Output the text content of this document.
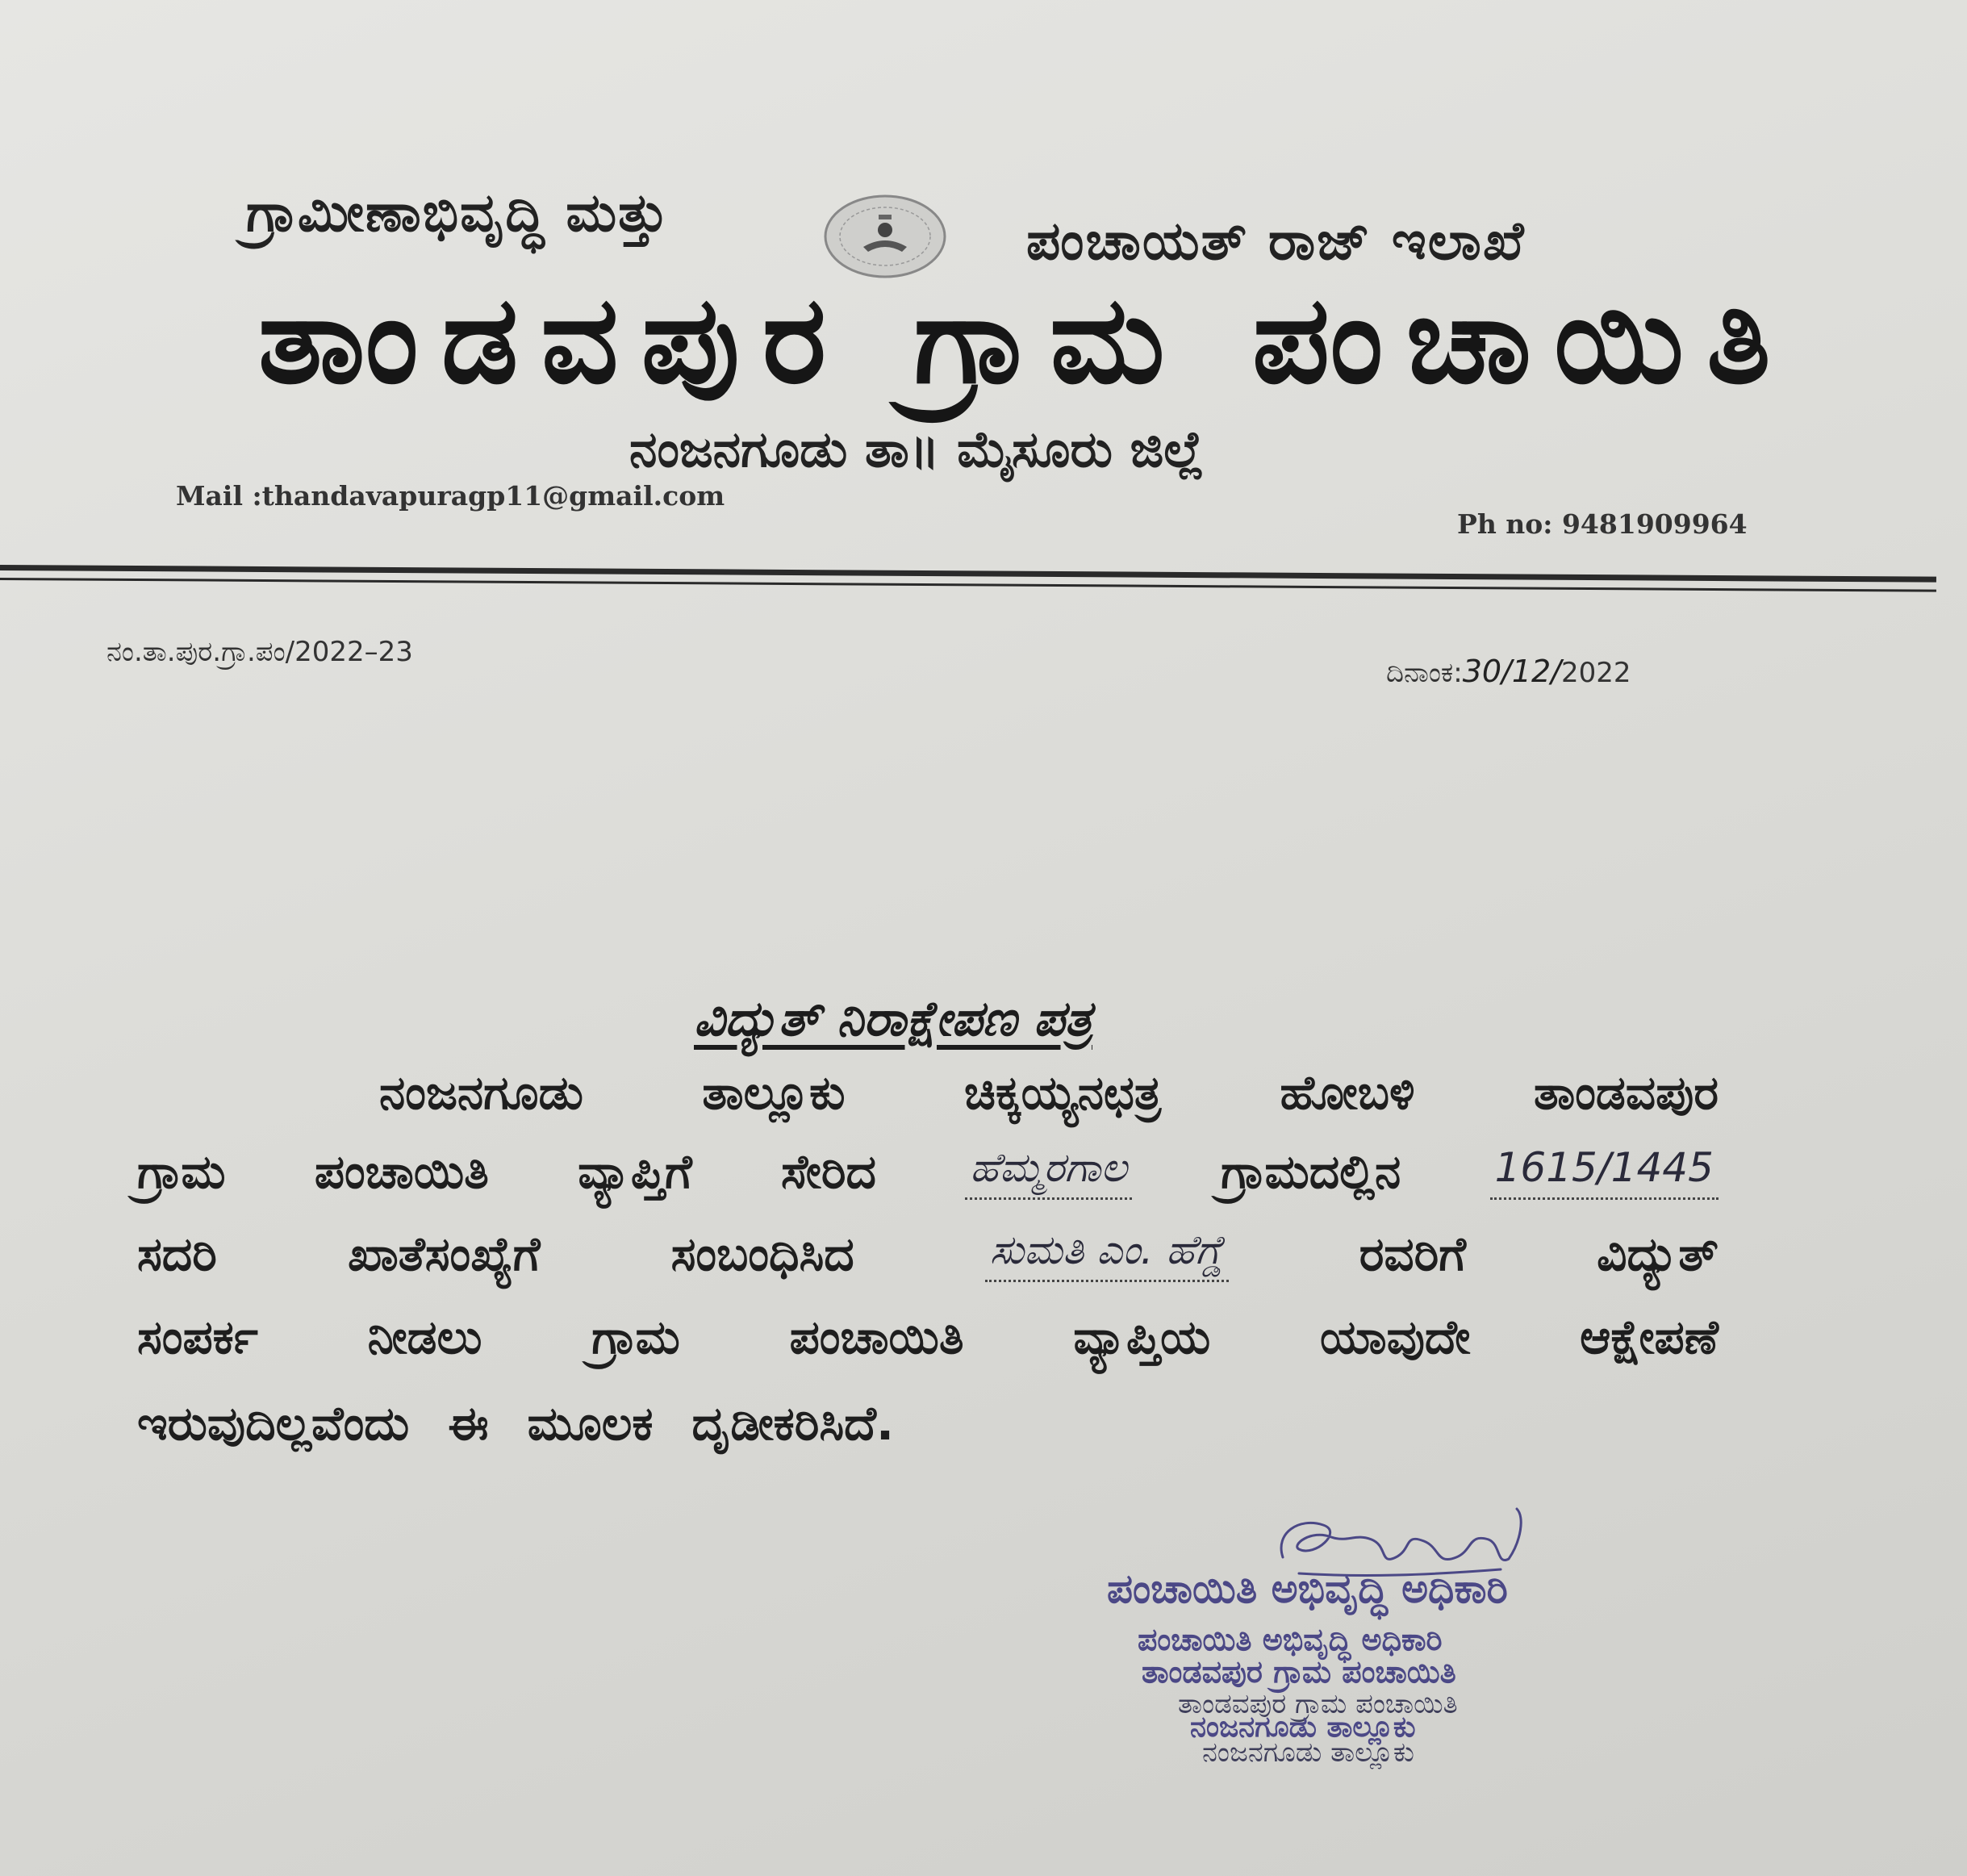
ಗ್ರಾಮೀಣಾಭಿವೃದ್ಧಿ ಮತ್ತು	ಪಂಚಾಯತ್ ರಾಜ್ ಇಲಾಖೆ
ತಾಂಡವಪುರ ಗ್ರಾಮ ಪಂಚಾಯಿತಿ
ನಂಜನಗೂಡು ತಾ॥ ಮೈಸೂರು ಜಿಲ್ಲೆ
Mail :thandavapuragp11@gmail.com
Ph no: 9481909964
ನಂ.ತಾ.ಪುರ.ಗ್ರಾ.ಪಂ/2022–23
ದಿನಾಂಕ:30/12/2022
ವಿದ್ಯುತ್ ನಿರಾಕ್ಷೇಪಣ ಪತ್ರ
ನಂಜನಗೂಡು	ತಾಲ್ಲೂಕು	ಚಿಕ್ಕಯ್ಯನಛತ್ರ	ಹೋಬಳಿ	ತಾಂಡವಪುರ
ಗ್ರಾಮ ಪಂಚಾಯಿತಿ ವ್ಯಾಪ್ತಿಗೆ ಸೇರಿದ ಹೆಮ್ಮರಗಾಲ ಗ್ರಾಮದಲ್ಲಿನ 1615/1445
ಸದರಿ	ಖಾತೆಸಂಖ್ಯೆಗೆ	ಸಂಬಂಧಿಸಿದ	ಸುಮತಿ ಎಂ. ಹೆಗ್ಡೆ	ರವರಿಗೆ	ವಿದ್ಯುತ್
ಸಂಪರ್ಕ ನೀಡಲು ಗ್ರಾಮ ಪಂಚಾಯಿತಿ ವ್ಯಾಪ್ತಿಯ ಯಾವುದೇ ಆಕ್ಷೇಪಣೆ
ಇರುವುದಿಲ್ಲವೆಂದು ಈ ಮೂಲಕ ದೃಡೀಕರಿಸಿದೆ.
ಪಂಚಾಯಿತಿ ಅಭಿವೃದ್ಧಿ ಅಧಿಕಾರಿ
ಪಂಚಾಯಿತಿ ಅಭಿವೃದ್ಧಿ ಅಧಿಕಾರಿ
ತಾಂಡವಪುರ ಗ್ರಾಮ ಪಂಚಾಯಿತಿ
ತಾಂಡವಪುರ ಗ್ರಾಮ ಪಂಚಾಯಿತಿ
ನಂಜನಗೂಡು ತಾಲ್ಲೂಕು
ನಂಜನಗೂಡು ತಾಲ್ಲೂಕು
